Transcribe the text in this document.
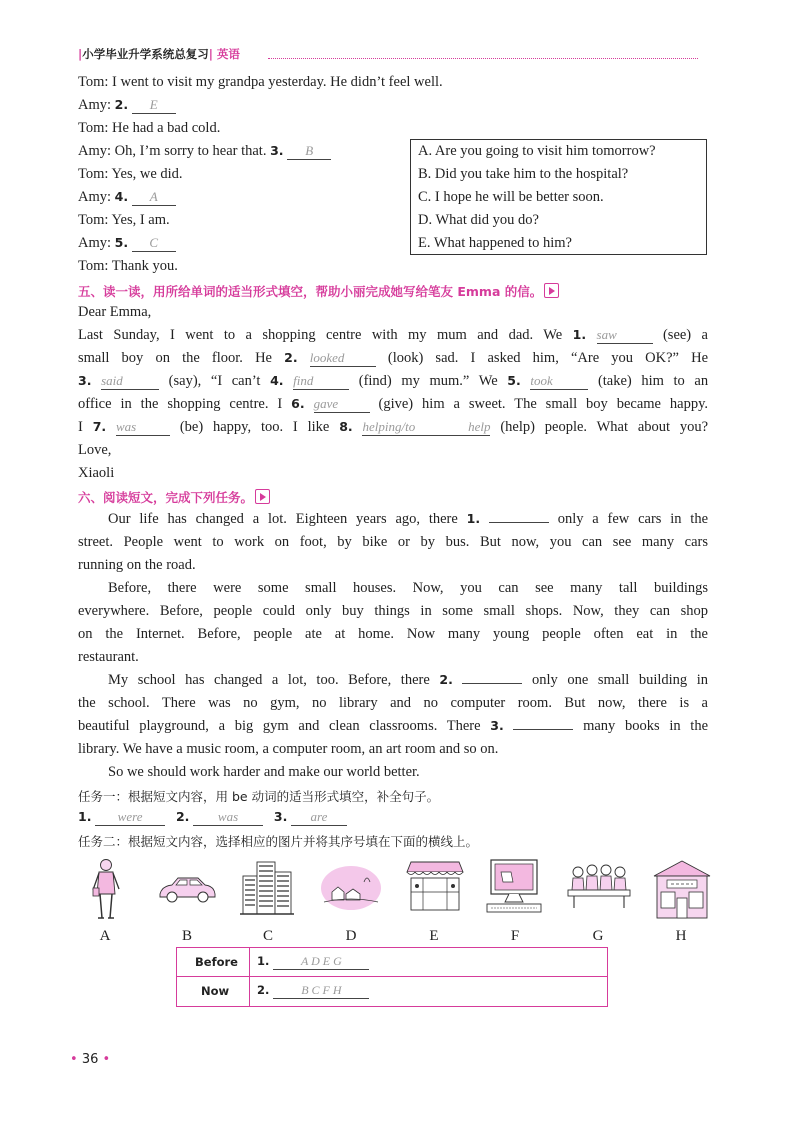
|小学毕业升学系统总复习| 英语
Tom: I went to visit my grandpa yesterday. He didn’t feel well.
Amy: 2. E
Tom: He had a bad cold.
Amy: Oh, I’m sorry to hear that. 3. B
Tom: Yes, we did.
Amy: 4. A
Tom: Yes, I am.
Amy: 5. C
Tom: Thank you.
A. Are you going to visit him tomorrow?
B. Did you take him to the hospital?
C. I hope he will be better soon.
D. What did you do?
E. What happened to him?
五、读一读，用所给单词的适当形式填空，帮助小丽完成她写给笔友 Emma 的信。
Dear Emma,
Last Sunday, I went to a shopping centre with my mum and dad. We 1. saw	(see) a
small boy on the floor. He 2. looked	(look) sad. I asked him, “Are you OK?” He
3. said	(say), “I can’t 4. find	(find) my mum.” We 5. took	(take) him to an
office in the shopping centre. I 6. gave	(give) him a sweet. The small boy became happy.
I 7. was	(be) happy, too. I like 8. helping/to help (help) people. What about you?
Love,
Xiaoli
六、阅读短文，完成下列任务。
Our life has changed a lot. Eighteen years ago, there 1.	only a few cars in the
street. People went to work on foot, by bike or by bus. But now, you can see many cars
running on the road.
Before, there were some small houses. Now, you can see many tall buildings
everywhere. Before, people could only buy things in some small shops. Now, they can shop
on the Internet. Before, people ate at home. Now many young people often eat in the
restaurant.
My school has changed a lot, too. Before, there 2.	only one small building in
the school. There was no gym, no library and no computer room. But now, there is a
beautiful playground, a big gym and clean classrooms. There 3.	many books in the
library. We have a music room, a computer room, an art room and so on.
So we should work harder and make our world better.
任务一：根据短文内容，用 be 动词的适当形式填空，补全句子。
1. were	2. was	3. are
任务二：根据短文内容，选择相应的图片并将其序号填在下面的横线上。
A	B	C	D	E	F	G	H
Before 1.	A D E G
Now 2.	B C F H
• 36 •
